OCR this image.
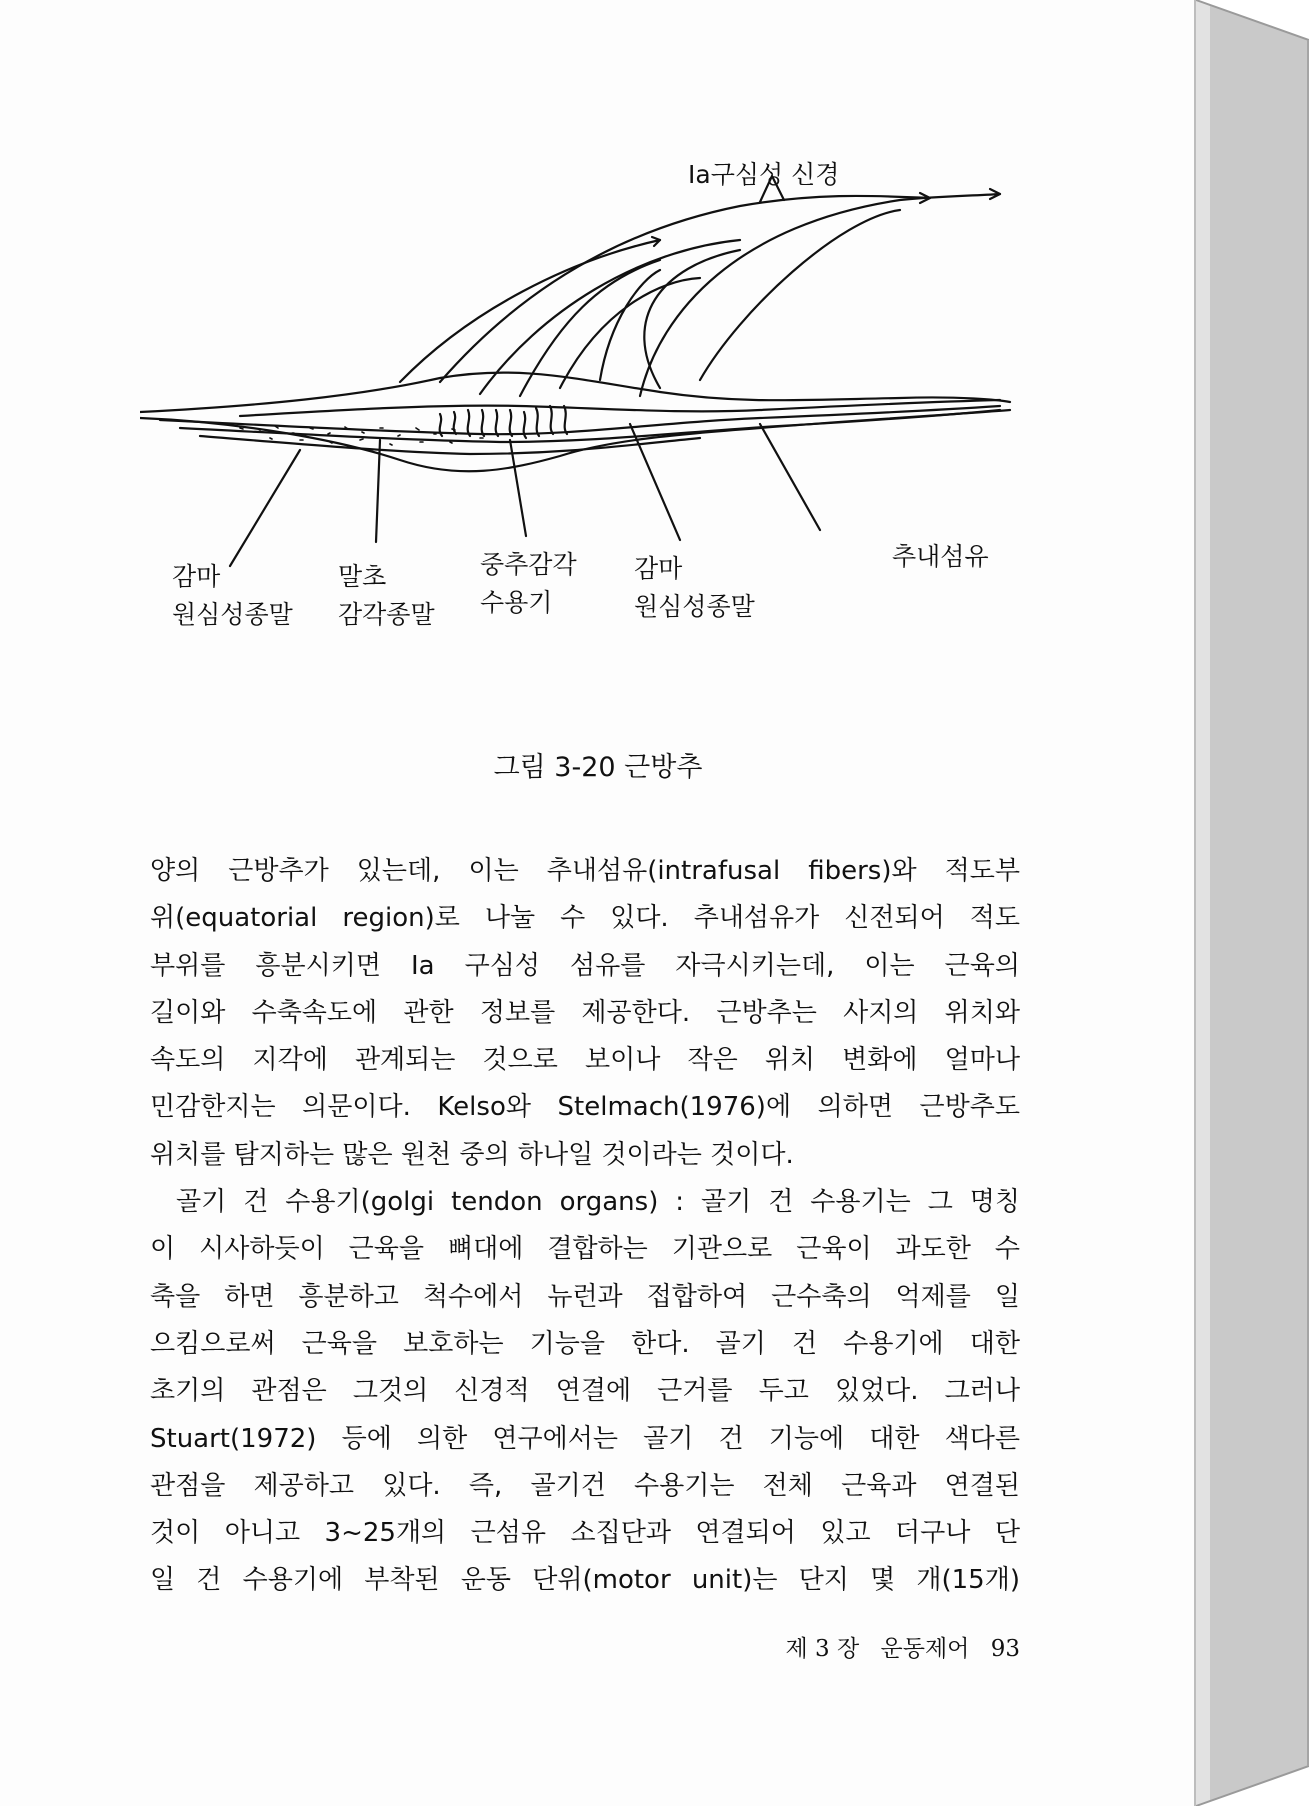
Ia구심성 신경
감마
원심성종말
말초
감각종말
중추감각
수용기
감마
원심성종말
추내섬유
그림 3-20 근방추

양의 근방추가 있는데, 이는 추내섬유(intrafusal fibers)와 적도부

위(equatorial region)로 나눌 수 있다. 추내섬유가 신전되어 적도

부위를 흥분시키면 Ia 구심성 섬유를 자극시키는데, 이는 근육의

길이와 수축속도에 관한 정보를 제공한다. 근방추는 사지의 위치와

속도의 지각에 관계되는 것으로 보이나 작은 위치 변화에 얼마나

민감한지는 의문이다. Kelso와 Stelmach(1976)에 의하면 근방추도

위치를 탐지하는 많은 원천 중의 하나일 것이라는 것이다.

골기 건 수용기(golgi tendon organs) : 골기 건 수용기는 그 명칭

이 시사하듯이 근육을 뼈대에 결합하는 기관으로 근육이 과도한 수

축을 하면 흥분하고 척수에서 뉴런과 접합하여 근수축의 억제를 일

으킴으로써 근육을 보호하는 기능을 한다. 골기 건 수용기에 대한

초기의 관점은 그것의 신경적 연결에 근거를 두고 있었다. 그러나

Stuart(1972) 등에 의한 연구에서는 골기 건 기능에 대한 색다른

관점을 제공하고 있다. 즉, 골기건 수용기는 전체 근육과 연결된

것이 아니고 3~25개의 근섬유 소집단과 연결되어 있고 더구나 단

일 건 수용기에 부착된 운동 단위(motor unit)는 단지 몇 개(15개)

제 3 장 운동제어 93
